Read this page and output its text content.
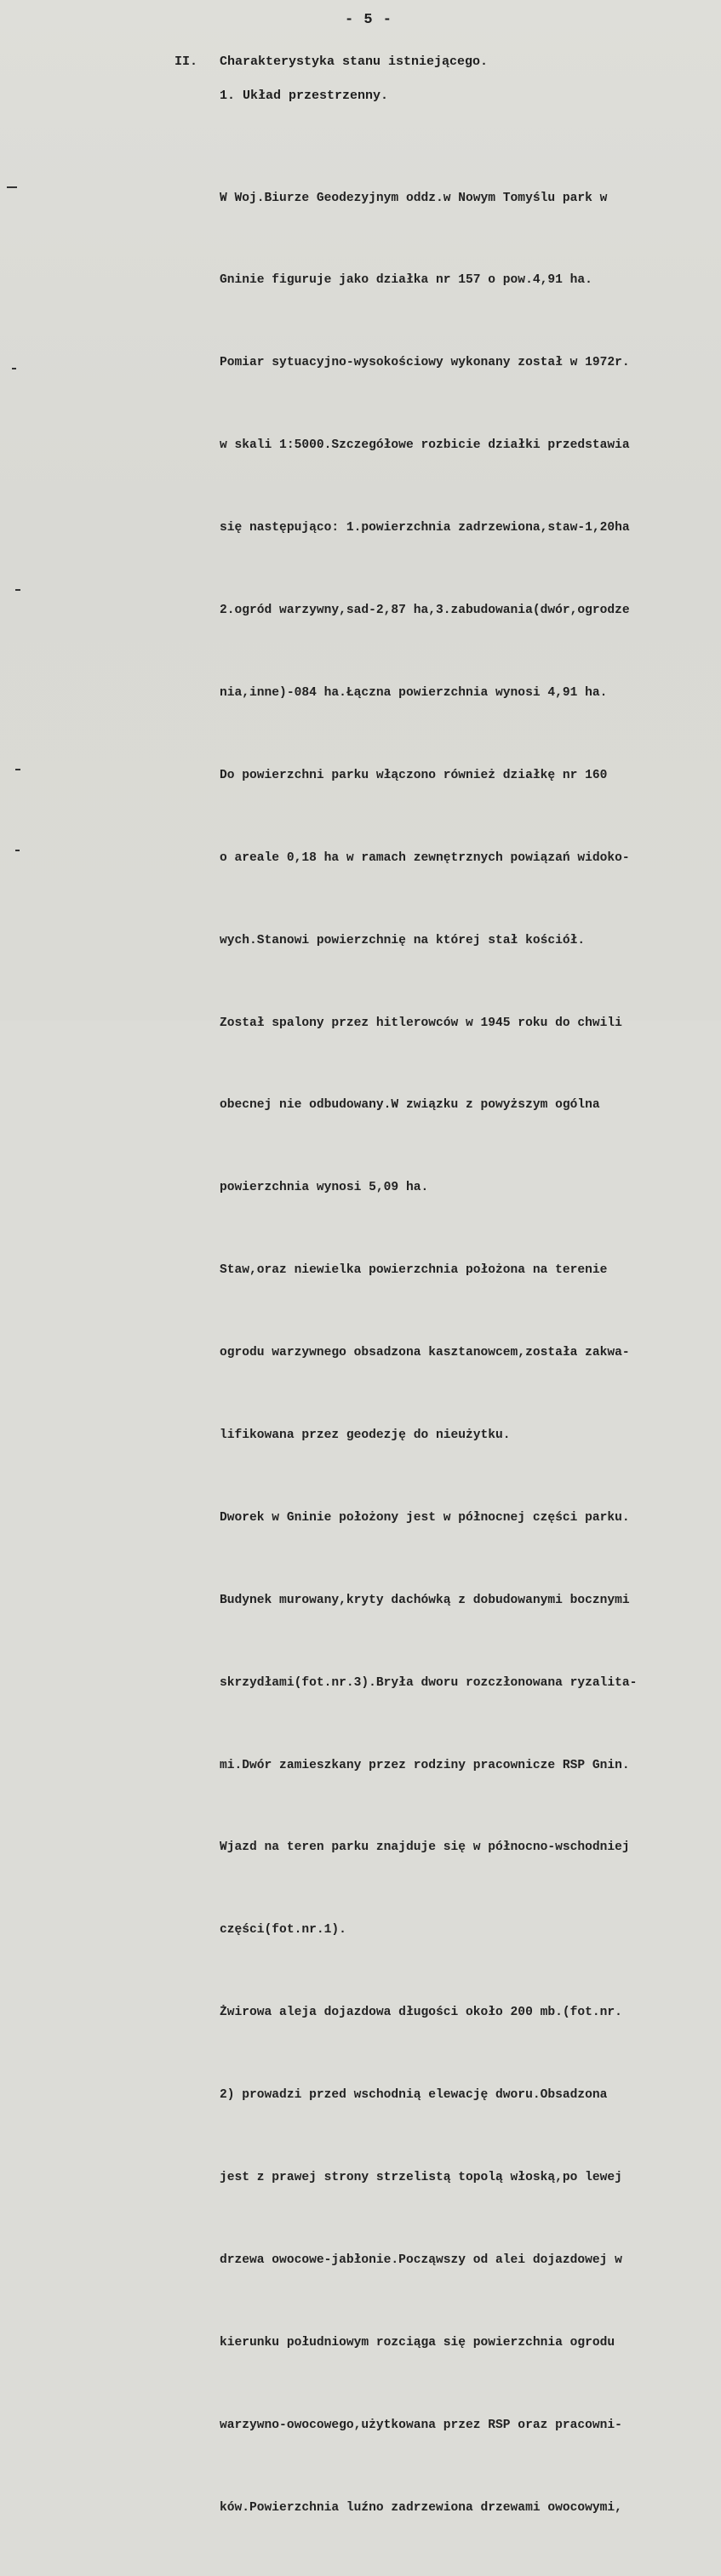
- 5 -
II. Charakterystyka stanu istniejącego.
1. Układ przestrzenny.

W Woj.Biurze Geodezyjnym oddz.w Nowym Tomyślu park w

Gninie figuruje jako działka nr 157 o pow.4,91 ha.

Pomiar sytuacyjno-wysokościowy wykonany został w 1972r.

w skali 1:5000.Szczegółowe rozbicie działki przedstawia

się następująco: 1.powierzchnia zadrzewiona,staw-1,20ha

2.ogród warzywny,sad-2,87 ha,3.zabudowania(dwór,ogrodze

nia,inne)-084 ha.Łączna powierzchnia wynosi 4,91 ha.

Do powierzchni parku włączono również działkę nr 160

o areale 0,18 ha w ramach zewnętrznych powiązań widoko-

wych.Stanowi powierzchnię na której stał kościół.

Został spalony przez hitlerowców w 1945 roku do chwili

obecnej nie odbudowany.W związku z powyższym ogólna

powierzchnia wynosi 5,09 ha.

Staw,oraz niewielka powierzchnia położona na terenie

ogrodu warzywnego obsadzona kasztanowcem,została zakwa-

lifikowana przez geodezję do nieużytku.

Dworek w Gninie położony jest w północnej części parku.

Budynek murowany,kryty dachówką z dobudowanymi bocznymi

skrzydłami(fot.nr.3).Bryła dworu rozczłonowana ryzalita-

mi.Dwór zamieszkany przez rodziny pracownicze RSP Gnin.

Wjazd na teren parku znajduje się w północno-wschodniej

części(fot.nr.1).

Żwirowa aleja dojazdowa długości około 200 mb.(fot.nr.

2) prowadzi przed wschodnią elewację dworu.Obsadzona

jest z prawej strony strzelistą topolą włoską,po lewej

drzewa owocowe-jabłonie.Począwszy od alei dojazdowej w

kierunku południowym rozciąga się powierzchnia ogrodu

warzywno-owocowego,użytkowana przez RSP oraz pracowni-

ków.Powierzchnia luźno zadrzewiona drzewami owocowymi,
